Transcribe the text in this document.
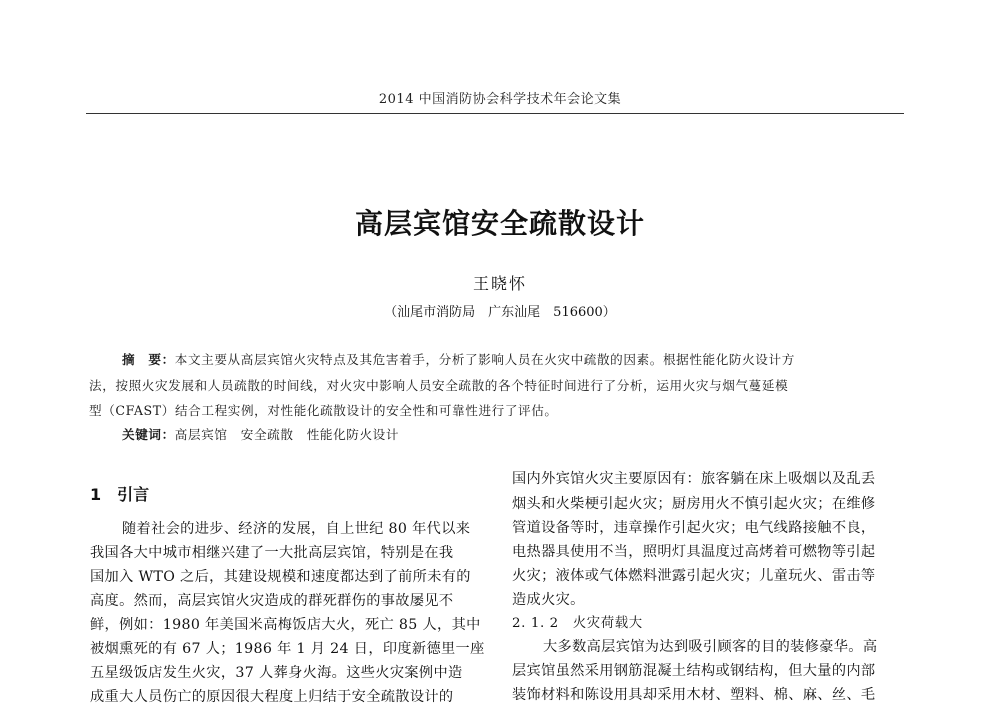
2014 中国消防协会科学技术年会论文集
高层宾馆安全疏散设计
王晓怀
（汕尾市消防局　广东汕尾　516600）
摘　要：本文主要从高层宾馆火灾特点及其危害着手，分析了影响人员在火灾中疏散的因素。根据性能化防火设计方
法，按照火灾发展和人员疏散的时间线，对火灾中影响人员安全疏散的各个特征时间进行了分析，运用火灾与烟气蔓延模
型（CFAST）结合工程实例，对性能化疏散设计的安全性和可靠性进行了评估。
关键词：高层宾馆　安全疏散　性能化防火设计
1 引言
随着社会的进步、经济的发展，自上世纪 80 年代以来
我国各大中城市相继兴建了一大批高层宾馆，特别是在我
国加入 WTO 之后，其建设规模和速度都达到了前所未有的
高度。然而，高层宾馆火灾造成的群死群伤的事故屡见不
鲜，例如：1980 年美国米高梅饭店大火，死亡 85 人，其中
被烟熏死的有 67 人；1986 年 1 月 24 日，印度新德里一座
五星级饭店发生火灾，37 人葬身火海。这些火灾案例中造
成重大人员伤亡的原因很大程度上归结于安全疏散设计的
国内外宾馆火灾主要原因有：旅客躺在床上吸烟以及乱丢
烟头和火柴梗引起火灾；厨房用火不慎引起火灾；在维修
管道设备等时，违章操作引起火灾；电气线路接触不良，
电热器具使用不当，照明灯具温度过高烤着可燃物等引起
火灾；液体或气体燃料泄露引起火灾；儿童玩火、雷击等
造成火灾。
2. 1. 2 火灾荷载大
大多数高层宾馆为达到吸引顾客的目的装修豪华。高
层宾馆虽然采用钢筋混凝土结构或钢结构，但大量的内部
装饰材料和陈设用具却采用木材、塑料、棉、麻、丝、毛
